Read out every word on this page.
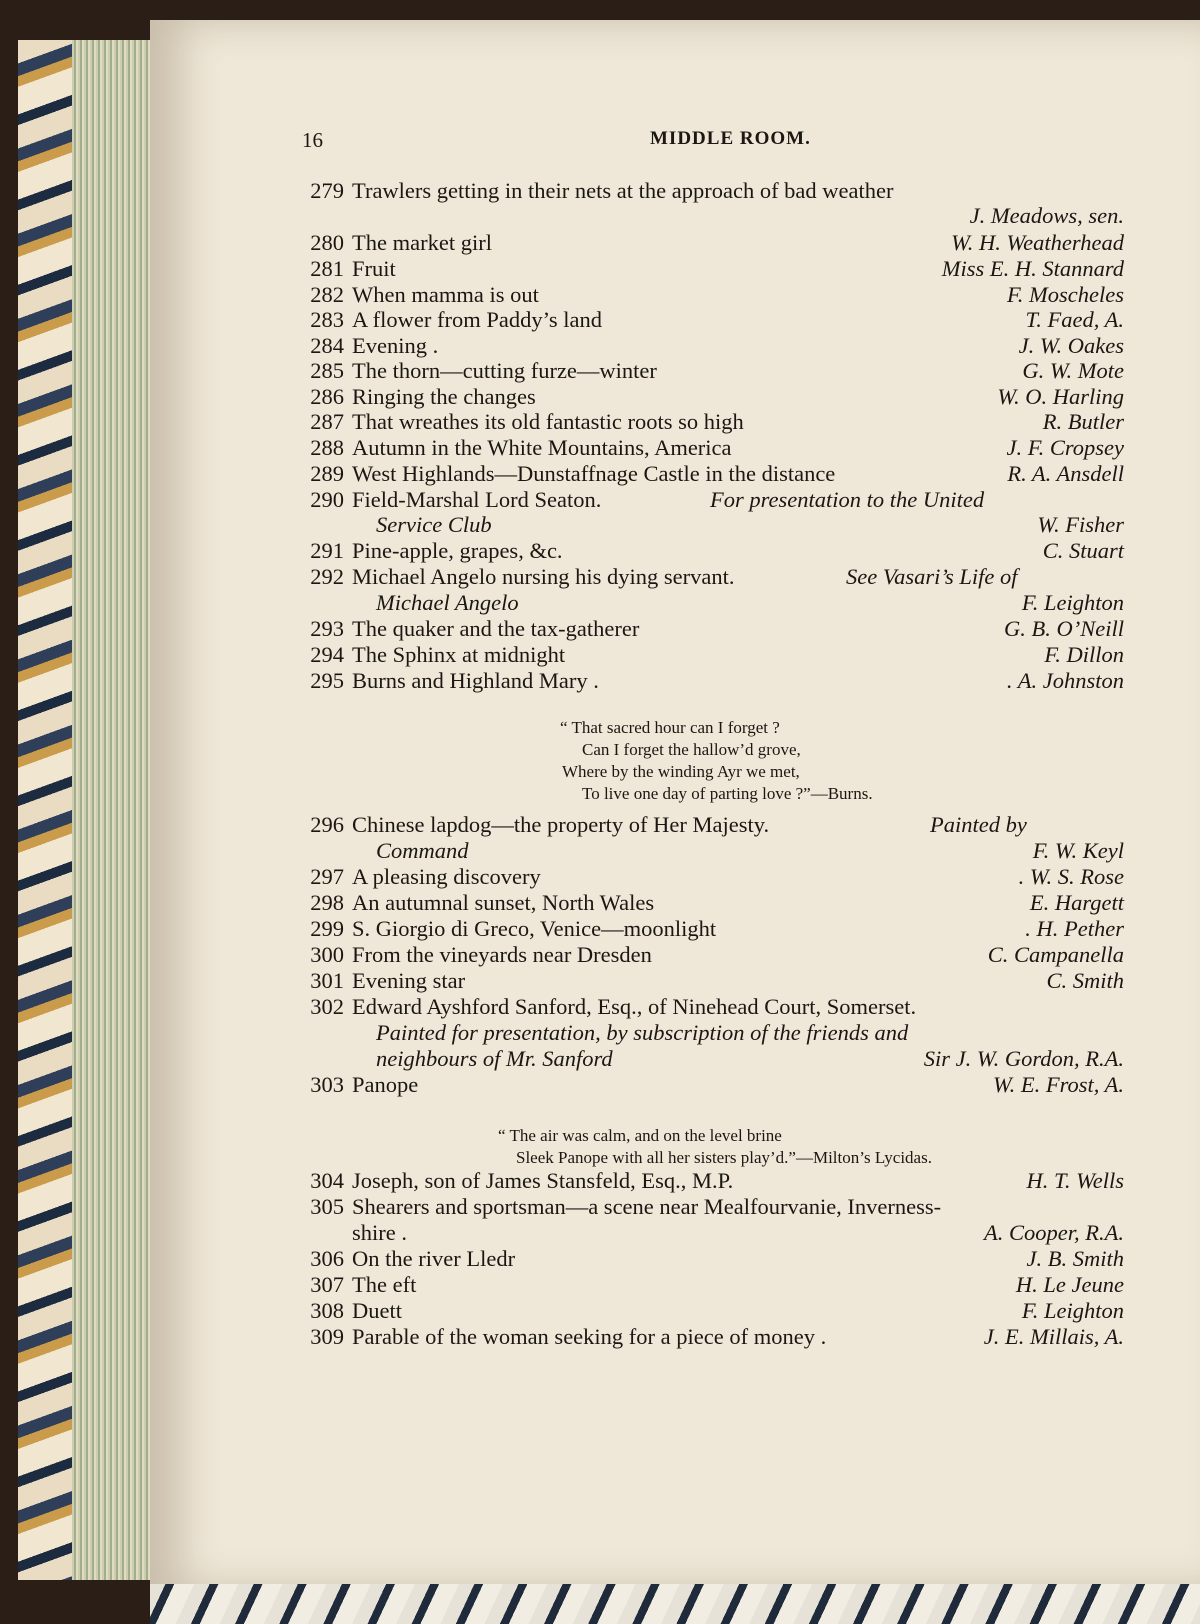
16	MIDDLE ROOM.
279 Trawlers getting in their nets at the approach of bad weather
J. Meadows, sen.
280 The market girl	W. H. Weatherhead
281 Fruit	Miss E. H. Stannard
282 When mamma is out	F. Moscheles
283 A flower from Paddy’s land	T. Faed, A.
284 Evening .	J. W. Oakes
285 The thorn—cutting furze—winter	G. W. Mote
286 Ringing the changes	W. O. Harling
287 That wreathes its old fantastic roots so high	R. Butler
288 Autumn in the White Mountains, America	J. F. Cropsey
289 West Highlands—Dunstaffnage Castle in the distance	R. A. Ansdell
290 Field-Marshal Lord Seaton.	For presentation to the United
Service Club	W. Fisher
291 Pine-apple, grapes, &c.	C. Stuart
292 Michael Angelo nursing his dying servant.	See Vasari’s Life of
Michael Angelo	F. Leighton
293 The quaker and the tax-gatherer	G. B. O’Neill
294 The Sphinx at midnight	F. Dillon
295 Burns and Highland Mary .	. A. Johnston
296 Chinese lapdog—the property of Her Majesty.	Painted by
Command	F. W. Keyl
297 A pleasing discovery	. W. S. Rose
298 An autumnal sunset, North Wales	E. Hargett
299 S. Giorgio di Greco, Venice—moonlight	. H. Pether
300 From the vineyards near Dresden	C. Campanella
301 Evening star	C. Smith
302 Edward Ayshford Sanford, Esq., of Ninehead Court, Somerset.
Painted for presentation, by subscription of the friends and
neighbours of Mr. Sanford	Sir J. W. Gordon, R.A.
303 Panope	W. E. Frost, A.
304 Joseph, son of James Stansfeld, Esq., M.P.	H. T. Wells
305 Shearers and sportsman—a scene near Mealfourvanie, Inverness-
shire .	A. Cooper, R.A.
306 On the river Lledr	J. B. Smith
307 The eft	H. Le Jeune
308 Duett	F. Leighton
309 Parable of the woman seeking for a piece of money .	J. E. Millais, A.
“ That sacred hour can I forget ?
Can I forget the hallow’d grove,
Where by the winding Ayr we met,
To live one day of parting love ?”—Burns.
“ The air was calm, and on the level brine
Sleek Panope with all her sisters play’d.”—Milton’s Lycidas.
